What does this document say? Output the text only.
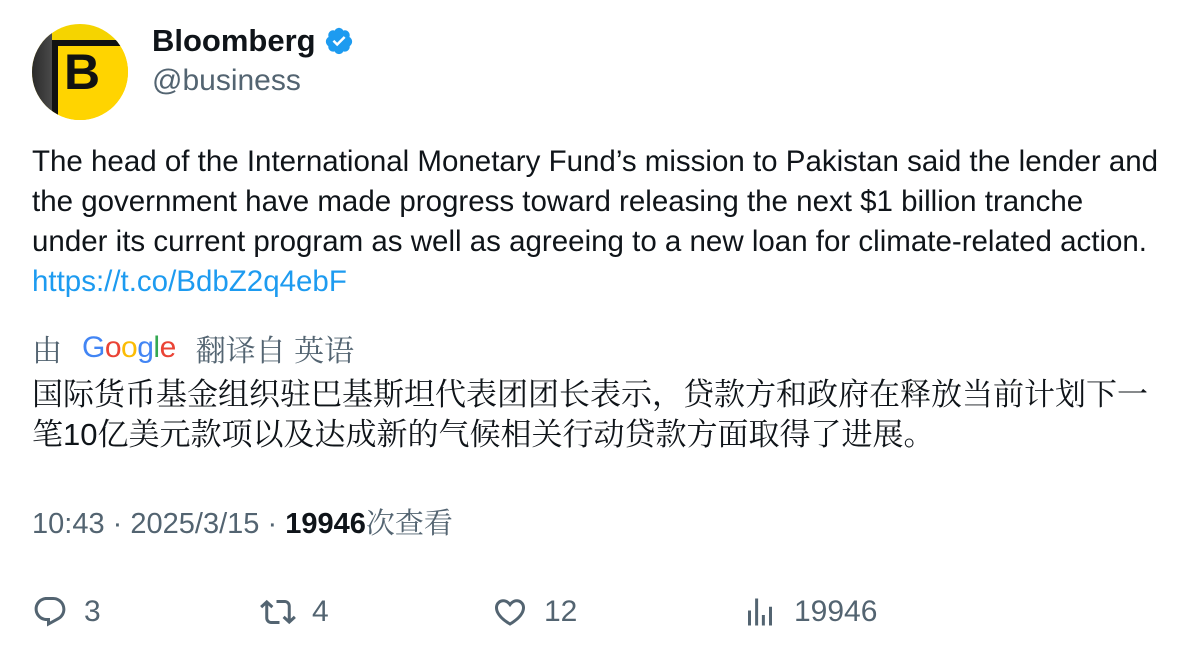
B
Bloomberg
@business

The head of the International Monetary Fund’s mission to Pakistan said the lender and the government have made progress toward releasing the next $1 billion tranche under its current program as well as agreeing to a new loan for climate-related action. https://t.co/BdbZ2q4ebF

由 Google 翻译自 英语

国际货币基金组织驻巴基斯坦代表团团长表示，贷款方和政府在释放当前计划下一笔10亿美元款项以及达成新的气候相关行动贷款方面取得了进展。

10:43 · 2025/3/15 · 19946次查看
3	4	12	19946
